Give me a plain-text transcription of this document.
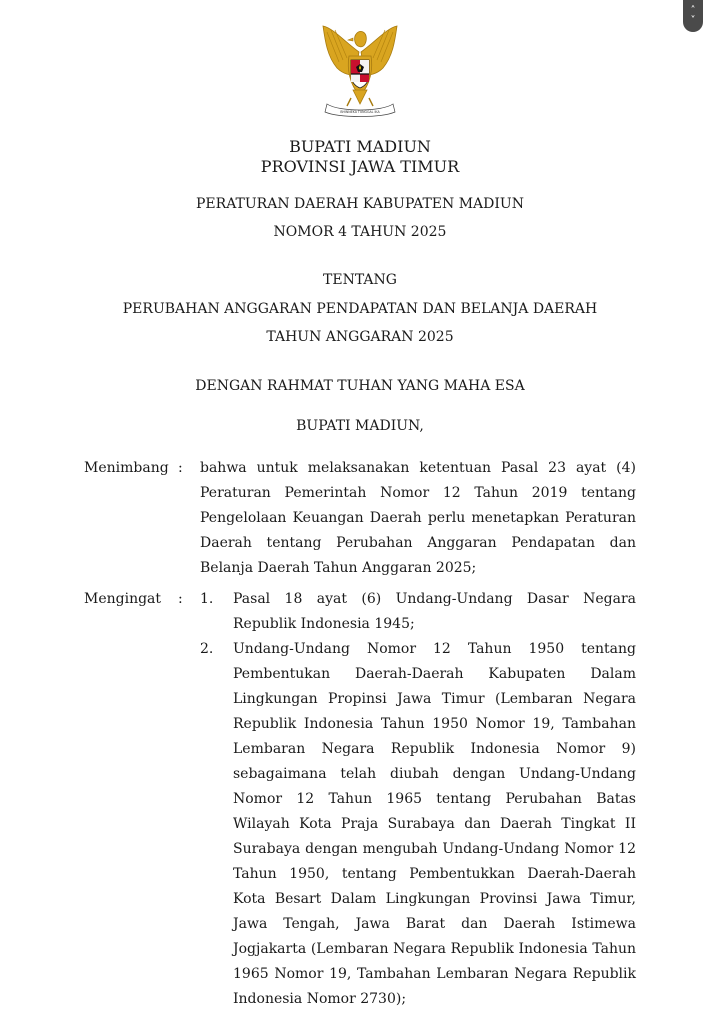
˄
˅
BHINNEKA TUNGGAL IKA
BUPATI MADIUN
PROVINSI JAWA TIMUR
PERATURAN DAERAH KABUPATEN MADIUN
NOMOR 4 TAHUN 2025
TENTANG
PERUBAHAN ANGGARAN PENDAPATAN DAN BELANJA DAERAH
TAHUN ANGGARAN 2025
DENGAN RAHMAT TUHAN YANG MAHA ESA
BUPATI MADIUN,
Menimbang : bahwa untuk melaksanakan ketentuan Pasal 23 ayat (4) Peraturan Pemerintah Nomor 12 Tahun 2019 tentang Pengelolaan Keuangan Daerah perlu menetapkan Peraturan Daerah tentang Perubahan Anggaran Pendapatan dan Belanja Daerah Tahun Anggaran 2025;
Mengingat : 1. Pasal 18 ayat (6) Undang-Undang Dasar Negara Republik Indonesia 1945;
2. Undang-Undang Nomor 12 Tahun 1950 tentang Pembentukan Daerah-Daerah Kabupaten Dalam Lingkungan Propinsi Jawa Timur (Lembaran Negara Republik Indonesia Tahun 1950 Nomor 19, Tambahan Lembaran Negara Republik Indonesia Nomor 9) sebagaimana telah diubah dengan Undang-Undang Nomor 12 Tahun 1965 tentang Perubahan Batas Wilayah Kota Praja Surabaya dan Daerah Tingkat II Surabaya dengan mengubah Undang-Undang Nomor 12 Tahun 1950, tentang Pembentukkan Daerah-Daerah Kota Besart Dalam Lingkungan Provinsi Jawa Timur, Jawa Tengah, Jawa Barat dan Daerah Istimewa Jogjakarta (Lembaran Negara Republik Indonesia Tahun 1965 Nomor 19, Tambahan Lembaran Negara Republik Indonesia Nomor 2730);
